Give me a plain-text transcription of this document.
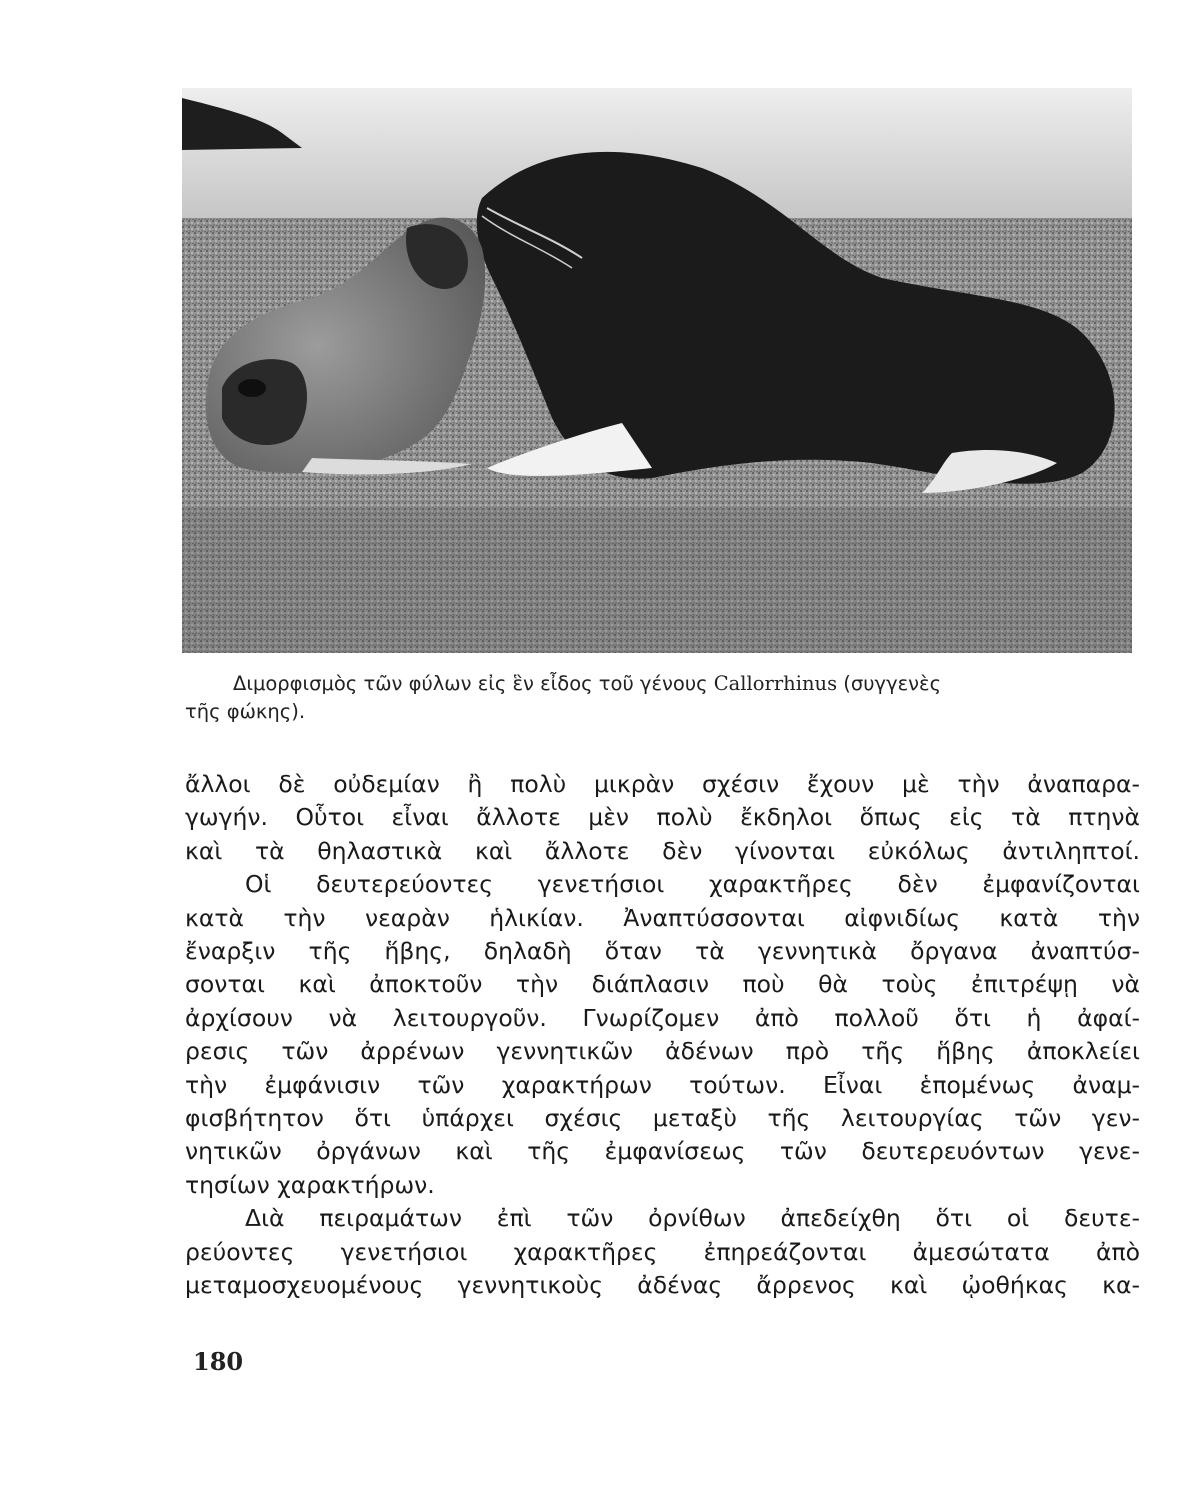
Διμορφισμὸς τῶν φύλων εἰς ἓν εἶδος τοῦ γένους Callorrhinus (συγγενὲς
τῆς φώκης).
ἄλλοι δὲ οὐδεμίαν ἢ πολὺ μικρὰν σχέσιν ἔχουν μὲ τὴν ἀναπαρα-
γωγήν. Οὗτοι εἶναι ἄλλοτε μὲν πολὺ ἔκδηλοι ὅπως εἰς τὰ πτηνὰ
καὶ τὰ θηλαστικὰ καὶ ἄλλοτε δὲν γίνονται εὐκόλως ἀντιληπτοί.
Οἱ δευτερεύοντες γενετήσιοι χαρακτῆρες δὲν ἐμφανίζονται
κατὰ τὴν νεαρὰν ἡλικίαν. Ἀναπτύσσονται αἰφνιδίως κατὰ τὴν
ἔναρξιν τῆς ἥβης, δηλαδὴ ὅταν τὰ γεννητικὰ ὄργανα ἀναπτύσ-
σονται καὶ ἀποκτοῦν τὴν διάπλασιν ποὺ θὰ τοὺς ἐπιτρέψῃ νὰ
ἀρχίσουν νὰ λειτουργοῦν. Γνωρίζομεν ἀπὸ πολλοῦ ὅτι ἡ ἀφαί-
ρεσις τῶν ἀρρένων γεννητικῶν ἀδένων πρὸ τῆς ἥβης ἀποκλείει
τὴν ἐμφάνισιν τῶν χαρακτήρων τούτων. Εἶναι ἑπομένως ἀναμ-
φισβήτητον ὅτι ὑπάρχει σχέσις μεταξὺ τῆς λειτουργίας τῶν γεν-
νητικῶν ὀργάνων καὶ τῆς ἐμφανίσεως τῶν δευτερευόντων γενε-
τησίων χαρακτήρων.
Διὰ πειραμάτων ἐπὶ τῶν ὀρνίθων ἀπεδείχθη ὅτι οἱ δευτε-
ρεύοντες γενετήσιοι χαρακτῆρες ἐπηρεάζονται ἀμεσώτατα ἀπὸ
μεταμοσχευομένους γεννητικοὺς ἀδένας ἄρρενος καὶ ᾠοθήκας κα-
180
